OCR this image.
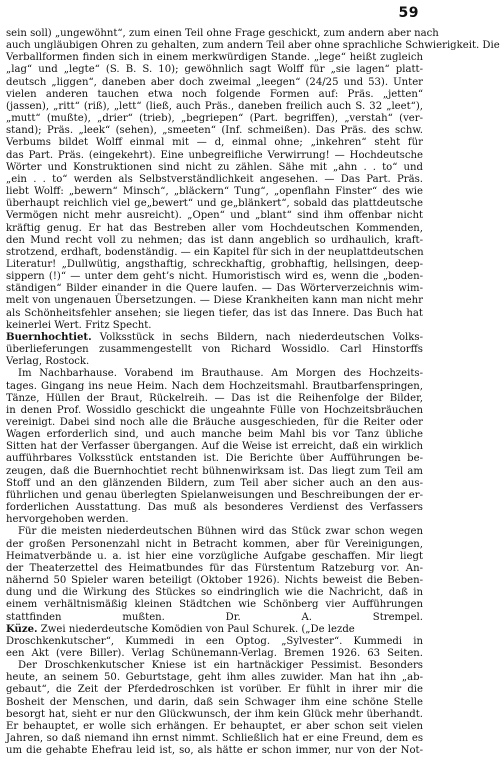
59
sein soll) „ungewöhnt“, zum einen Teil ohne Frage geschickt, zum andern aber nach
auch ungläubigen Ohren zu gehalten, zum andern Teil aber ohne sprachliche Schwierigkeit. Die
Verballformen finden sich in einem merkwürdigen Stande. „lege“ heißt zugleich
„lag“ und „legte“ (S. B. S. 10); gewöhnlich sagt Wolff für „sie lagen“ platt-
deutsch „liggen“, daneben aber doch zweimal „leegen“ (24/25 und 53). Unter
vielen anderen tauchen etwa noch folgende Formen auf: Präs. „jetten“
(jassen), „ritt“ (riß), „lett“ (ließ, auch Präs., daneben freilich auch S. 32 „leet“),
„mutt“ (mußte), „drier“ (trieb), „begriepen“ (Part. begriffen), „verstah“ (ver-
stand); Präs. „leek“ (sehen), „smeeten“ (Inf. schmeißen). Das Präs. des schw.
Verbums bildet Wolff einmal mit — d, einmal ohne; „inkehren“ steht für
das Part. Präs. (eingekehrt). Eine unbegreifliche Verwirrung! — Hochdeutsche
Wörter und Konstruktionen sind nicht zu zählen. Sähe mit „ahn . . to“ und
„ein . . to“ werden als Selbstverständlichkeit angesehen. — Das Part. Präs.
liebt Wolff: „bewern“ Minsch“, „bläckern“ Tung“, „openflahn Finster“ des wie
überhaupt reichlich viel ge„bewert“ und ge„blänkert“, sobald das plattdeutsche
Vermögen nicht mehr ausreicht). „Open“ und „blant“ sind ihm offenbar nicht
kräftig genug. Er hat das Bestreben aller vom Hochdeutschen Kommenden,
den Mund recht voll zu nehmen; das ist dann angeblich so urdhaulich, kraft-
strotzend, erdhaft, bodenständig. — ein Kapitel für sich in der neuplattdeutschen
Literatur! „Dullwütig, angsthaftig, schreckhaftig, grobhaftig, hellsingen, deep-
sippern (!)“ — unter dem geht’s nicht. Humoristisch wird es, wenn die „boden-
ständigen“ Bilder einander in die Quere laufen. — Das Wörterverzeichnis wim-
melt von ungenauen Übersetzungen. — Diese Krankheiten kann man nicht mehr
als Schönheitsfehler ansehen; sie liegen tiefer, das ist das Innere. Das Buch hat
keinerlei Wert. Fritz Specht.
Buernhochtiet. Volksstück in sechs Bildern, nach niederdeutschen Volks-
überlieferungen zusammengestellt von Richard Wossidlo. Carl Hinstorffs
Verlag, Rostock.
Im Nachbarhause. Vorabend im Brauthause. Am Morgen des Hochzeits-
tages. Gingang ins neue Heim. Nach dem Hochzeitsmahl. Brautbarfenspringen,
Tänze, Hüllen der Braut, Rückelreih. — Das ist die Reihenfolge der Bilder,
in denen Prof. Wossidlo geschickt die ungeahnte Fülle von Hochzeitsbräuchen
vereinigt. Dabei sind noch alle die Bräuche ausgeschieden, für die Reiter oder
Wagen erforderlich sind, und auch manche beim Mahl bis vor Tanz übliche
Sitten hat der Verfasser übergangen. Auf die Weise ist erreicht, daß ein wirklich
aufführbares Volksstück entstanden ist. Die Berichte über Aufführungen be-
zeugen, daß die Buernhochtiet recht bühnenwirksam ist. Das liegt zum Teil am
Stoff und an den glänzenden Bildern, zum Teil aber sicher auch an den aus-
führlichen und genau überlegten Spielanweisungen und Beschreibungen der er-
forderlichen Ausstattung. Das muß als besonderes Verdienst des Verfassers
hervorgehoben werden.
Für die meisten niederdeutschen Bühnen wird das Stück zwar schon wegen
der großen Personenzahl nicht in Betracht kommen, aber für Vereinigungen,
Heimatverbände u. a. ist hier eine vorzügliche Aufgabe geschaffen. Mir liegt
der Theaterzettel des Heimatbundes für das Fürstentum Ratzeburg vor. An-
nähernd 50 Spieler waren beteiligt (Oktober 1926). Nichts beweist die Beben-
dung und die Wirkung des Stückes so eindringlich wie die Nachricht, daß in
einem verhältnismäßig kleinen Städtchen wie Schönberg vier Aufführungen
stattfinden mußten. Dr. A. Strempel.
Küze. Zwei niederdeutsche Komödien von Paul Schurek. („De lezde
Droschkenkutscher“, Kummedi in een Optog. „Sylvester“. Kummedi in
een Akt (vere Biller). Verlag Schünemann-Verlag. Bremen 1926. 63 Seiten.
Der Droschkenkutscher Kniese ist ein hartnäckiger Pessimist. Besonders
heute, an seinem 50. Geburtstage, geht ihm alles zuwider. Man hat ihn „ab-
gebaut“, die Zeit der Pferdedroschken ist vorüber. Er fühlt in ihrer mir die
Bosheit der Menschen, und darin, daß sein Schwager ihm eine schöne Stelle
besorgt hat, sieht er nur den Glückwunsch, der ihm kein Glück mehr überhandt.
Er behauptet, er wolle sich erhängen. Er behauptet, er aber schon seit vielen
Jahren, so daß niemand ihn ernst nimmt. Schließlich hat er eine Freund, dem es
um die gehabte Ehefrau leid ist, so, als hätte er schon immer, nur von der Not-
